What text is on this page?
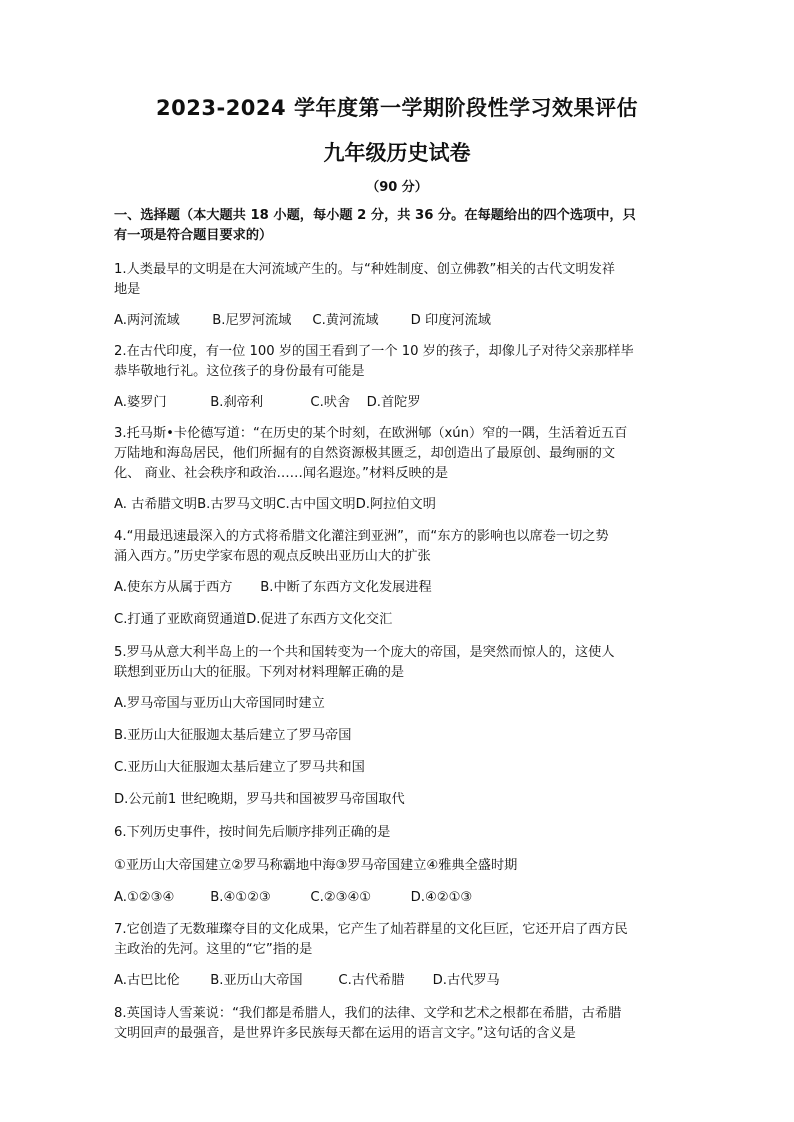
2023-2024 学年度第一学期阶段性学习效果评估
九年级历史试卷
（90 分）
一、选择题（本大题共 18 小题，每小题 2 分，共 36 分。在每题给出的四个选项中，只
有一项是符合题目要求的）
1.人类最早的文明是在大河流域产生的。与“种姓制度、创立佛教”相关的古代文明发祥
地是
A.两河流域 B.尼罗河流域 C.黄河流域 D 印度河流域
2.在古代印度，有一位 100 岁的国王看到了一个 10 岁的孩子，却像儿子对待父亲那样毕
恭毕敬地行礼。这位孩子的身份最有可能是
A.婆罗门	B.刹帝利	C.吠舍 D.首陀罗
3.托马斯•卡伦德写道：“在历史的某个时刻，在欧洲郇（xún）窄的一隅，生活着近五百
万陆地和海岛居民，他们所掘有的自然资源极其匮乏，却创造出了最原创、最绚丽的文
化、 商业、社会秩序和政治……闻名遐迩。”材料反映的是
A. 古希腊文明B.古罗马文明C.古中国文明D.阿拉伯文明
4.“用最迅速最深入的方式将希腊文化灌注到亚洲”，而“东方的影响也以席卷一切之势
涌入西方。”历史学家布恩的观点反映出亚历山大的扩张
A.使东方从属于西方 B.中断了东西方文化发展进程
C.打通了亚欧商贸通道D.促进了东西方文化交汇
5.罗马从意大利半岛上的一个共和国转变为一个庞大的帝国，是突然而惊人的，这使人
联想到亚历山大的征服。下列对材料理解正确的是
A.罗马帝国与亚历山大帝国同时建立
B.亚历山大征服迦太基后建立了罗马帝国
C.亚历山大征服迦太基后建立了罗马共和国
D.公元前1 世纪晚期，罗马共和国被罗马帝国取代
6.下列历史事件，按时间先后顺序排列正确的是
①亚历山大帝国建立②罗马称霸地中海③罗马帝国建立④雅典全盛时期
A.①②③④	B.④①②③	C.②③④①	D.④②①③
7.它创造了无数璀璨夺目的文化成果，它产生了灿若群星的文化巨匠，它还开启了西方民
主政治的先河。这里的“它”指的是
A.古巴比伦 B.亚历山大帝国	C.古代希腊 D.古代罗马
8.英国诗人雪莱说：“我们都是希腊人，我们的法律、文学和艺术之根都在希腊，古希腊
文明回声的最强音，是世界许多民族每天都在运用的语言文字。”这句话的含义是
